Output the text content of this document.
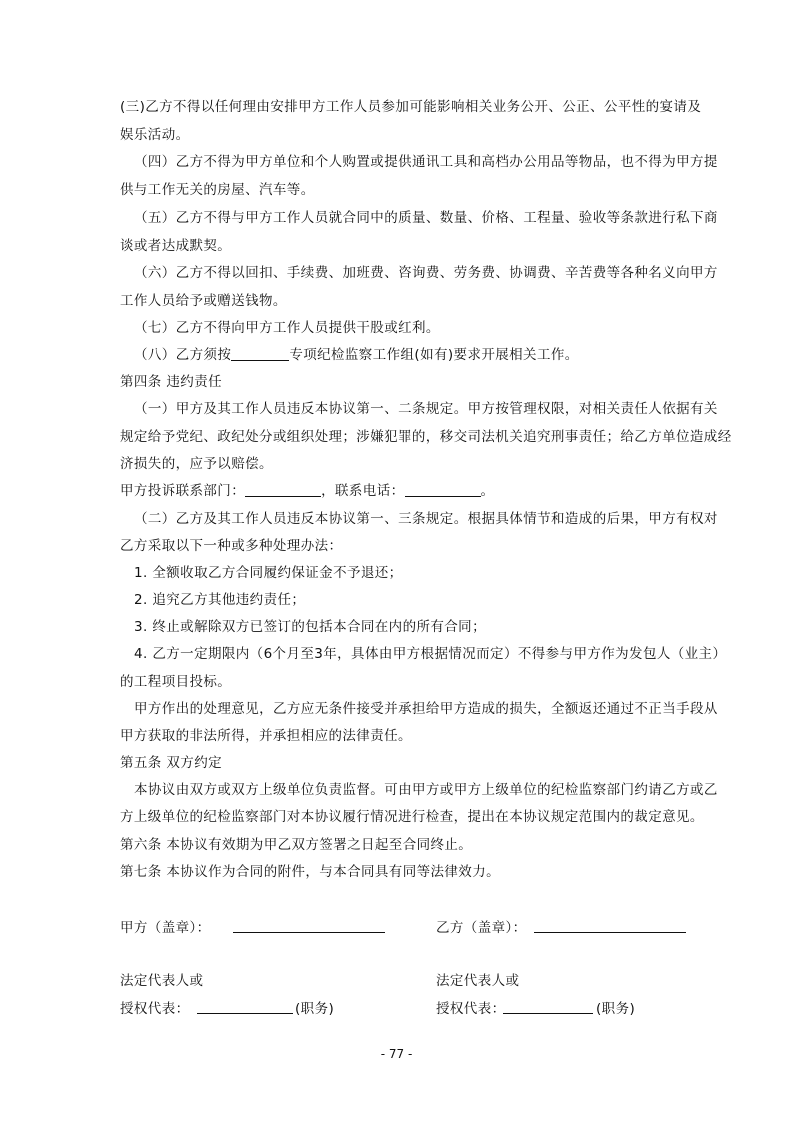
(三)乙方不得以任何理由安排甲方工作人员参加可能影响相关业务公开、公正、公平性的宴请及
娱乐活动。
（四）乙方不得为甲方单位和个人购置或提供通讯工具和高档办公用品等物品，也不得为甲方提
供与工作无关的房屋、汽车等。
（五）乙方不得与甲方工作人员就合同中的质量、数量、价格、工程量、验收等条款进行私下商
谈或者达成默契。
（六）乙方不得以回扣、手续费、加班费、咨询费、劳务费、协调费、辛苦费等各种名义向甲方
工作人员给予或赠送钱物。
（七）乙方不得向甲方工作人员提供干股或红利。
（八）乙方须按	专项纪检监察工作组(如有)要求开展相关工作。
第四条 违约责任
（一）甲方及其工作人员违反本协议第一、二条规定。甲方按管理权限，对相关责任人依据有关
规定给予党纪、政纪处分或组织处理；涉嫌犯罪的，移交司法机关追究刑事责任；给乙方单位造成经
济损失的，应予以赔偿。
甲方投诉联系部门：	，联系电话：	。
（二）乙方及其工作人员违反本协议第一、三条规定。根据具体情节和造成的后果，甲方有权对
乙方采取以下一种或多种处理办法：
1. 全额收取乙方合同履约保证金不予退还；
2. 追究乙方其他违约责任；
3. 终止或解除双方已签订的包括本合同在内的所有合同；
4. 乙方一定期限内（6个月至3年，具体由甲方根据情况而定）不得参与甲方作为发包人（业主）
的工程项目投标。
甲方作出的处理意见，乙方应无条件接受并承担给甲方造成的损失，全额返还通过不正当手段从
甲方获取的非法所得，并承担相应的法律责任。
第五条 双方约定
本协议由双方或双方上级单位负责监督。可由甲方或甲方上级单位的纪检监察部门约请乙方或乙
方上级单位的纪检监察部门对本协议履行情况进行检查，提出在本协议规定范围内的裁定意见。
第六条 本协议有效期为甲乙双方签署之日起至合同终止。
第七条 本协议作为合同的附件，与本合同具有同等法律效力。
甲方（盖章）：	乙方（盖章）：
法定代表人或	法定代表人或
授权代表：	(职务)	授权代表：	(职务)
- 77 -
